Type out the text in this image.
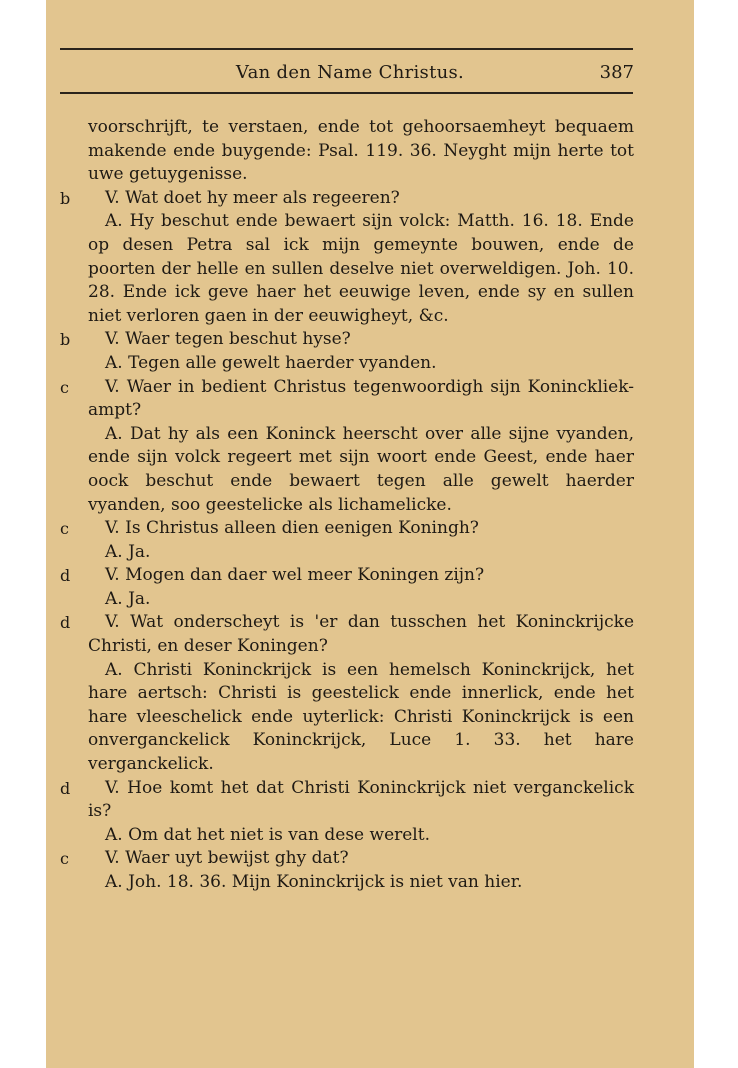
Van den Name Christus.	387
voorschrijft, te verstaen, ende tot gehoorsaemheyt bequaem makende ende buygende: Psal. 119. 36. Neyght mijn herte tot uwe getuygenisse.
b V. Wat doet hy meer als regeeren?
A. Hy beschut ende bewaert sijn volck: Matth. 16. 18. Ende op desen Petra sal ick mijn gemeynte bouwen, ende de poorten der helle en sullen deselve niet overweldigen. Joh. 10. 28. Ende ick geve haer het eeuwige leven, ende sy en sullen niet verloren gaen in der eeuwigheyt, &c.
b V. Waer tegen beschut hyse?
A. Tegen alle gewelt haerder vyanden.
c V. Waer in bedient Christus tegenwoordigh sijn Koninckliek-ampt?
A. Dat hy als een Koninck heerscht over alle sijne vyanden, ende sijn volck regeert met sijn woort ende Geest, ende haer oock beschut ende bewaert tegen alle gewelt haerder vyanden, soo geestelicke als lichamelicke.
c V. Is Christus alleen dien eenigen Koningh?
A. Ja.
d V. Mogen dan daer wel meer Koningen zijn?
A. Ja.
d V. Wat onderscheyt is 'er dan tusschen het Koninckrijcke Christi, en deser Koningen?
A. Christi Koninckrijck is een hemelsch Koninckrijck, het hare aertsch: Christi is geestelick ende innerlick, ende het hare vleeschelick ende uyterlick: Christi Koninckrijck is een onverganckelick Koninckrijck, Luce 1. 33. het hare verganckelick.
d V. Hoe komt het dat Christi Koninckrijck niet verganckelick is?
A. Om dat het niet is van dese werelt.
c V. Waer uyt bewijst ghy dat?
A. Joh. 18. 36. Mijn Koninckrijck is niet van hier.
